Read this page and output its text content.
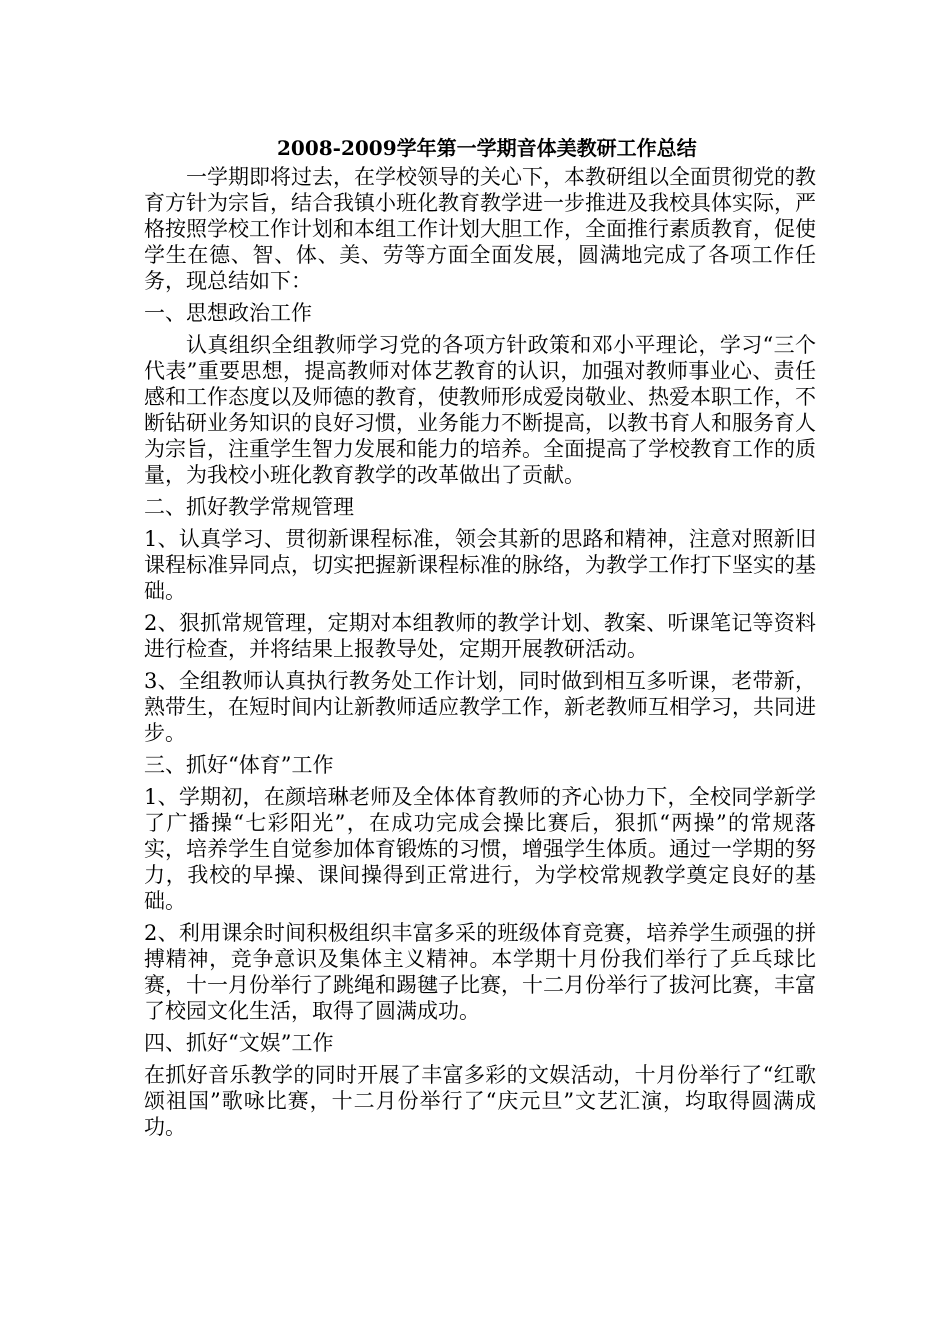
2008-2009学年第一学期音体美教研工作总结

一学期即将过去，在学校领导的关心下，本教研组以全面贯彻党的教育方针为宗旨，结合我镇小班化教育教学进一步推进及我校具体实际，严格按照学校工作计划和本组工作计划大胆工作，全面推行素质教育，促使学生在德、智、体、美、劳等方面全面发展，圆满地完成了各项工作任务，现总结如下：

一、思想政治工作

认真组织全组教师学习党的各项方针政策和邓小平理论，学习“三个代表”重要思想，提高教师对体艺教育的认识，加强对教师事业心、责任感和工作态度以及师德的教育，使教师形成爱岗敬业、热爱本职工作，不断钻研业务知识的良好习惯，业务能力不断提高，以教书育人和服务育人为宗旨，注重学生智力发展和能力的培养。全面提高了学校教育工作的质量，为我校小班化教育教学的改革做出了贡献。

二、抓好教学常规管理

1、认真学习、贯彻新课程标准，领会其新的思路和精神，注意对照新旧课程标准异同点，切实把握新课程标准的脉络，为教学工作打下坚实的基础。

2、狠抓常规管理，定期对本组教师的教学计划、教案、听课笔记等资料进行检查，并将结果上报教导处，定期开展教研活动。

3、全组教师认真执行教务处工作计划，同时做到相互多听课，老带新，熟带生，在短时间内让新教师适应教学工作，新老教师互相学习，共同进步。

三、抓好“体育”工作

1、学期初，在颜培琳老师及全体体育教师的齐心协力下，全校同学新学了广播操“七彩阳光”，在成功完成会操比赛后，狠抓“两操”的常规落实，培养学生自觉参加体育锻炼的习惯，增强学生体质。通过一学期的努力，我校的早操、课间操得到正常进行，为学校常规教学奠定良好的基础。

2、利用课余时间积极组织丰富多采的班级体育竞赛，培养学生顽强的拼搏精神，竞争意识及集体主义精神。本学期十月份我们举行了乒乓球比赛，十一月份举行了跳绳和踢毽子比赛，十二月份举行了拔河比赛，丰富了校园文化生活，取得了圆满成功。

四、抓好“文娱”工作

在抓好音乐教学的同时开展了丰富多彩的文娱活动，十月份举行了“红歌颂祖国”歌咏比赛，十二月份举行了“庆元旦”文艺汇演，均取得圆满成功。
